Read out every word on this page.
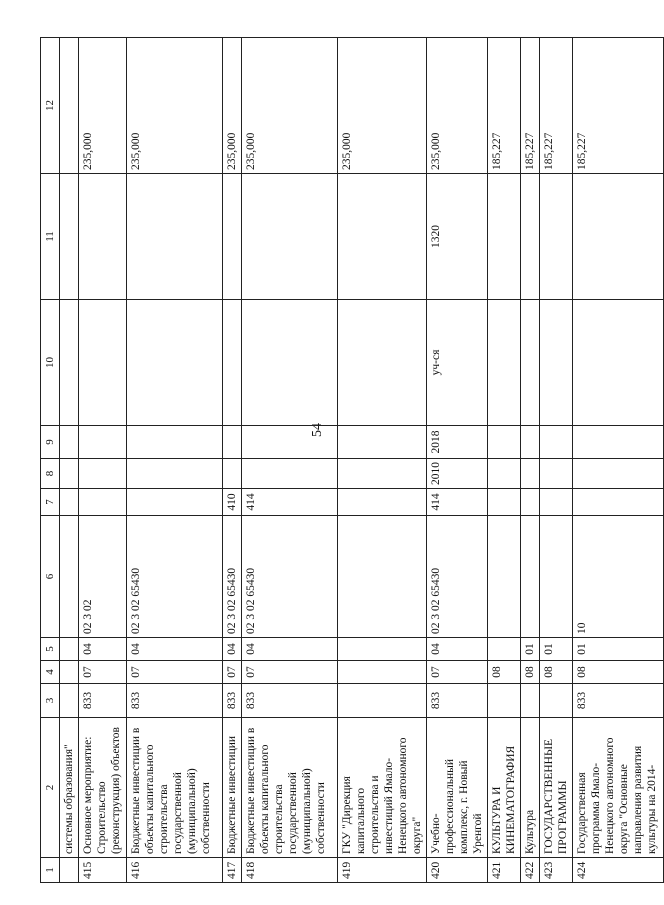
54
1	2	3	4	5	6	7	8	9	10	11	12
	системы образования"										
415	Основное мероприятие: Строительство (реконструкция) объектов	833	07	04	02 3 02						235,000

416	Бюджетные инвестиции в объекты капитального строительства государственной (муниципальной) собственности	833	07	04	02 3 02 65430						235,000

417	Бюджетные инвестиции	833	07	04	02 3 02 65430	410					235,000

418	Бюджетные инвестиции в объекты капитального строительства государственной (муниципальной) собственности	833	07	04	02 3 02 65430	414					235,000

419	ГКУ "Дирекция капитального строительства и инвестиций Ямало-Ненецкого автономного округа"										235,000

420	Учебно-профессиональный комплекс, г. Новый Уренгой	833	07	04	02 3 02 65430	414	2010	2018	уч-ся	1320	235,000

421	КУЛЬТУРА И КИНЕМАТОГРАФИЯ		08								185,227

422	Культура		08	01							185,227

423	ГОСУДАРСТВЕННЫЕ ПРОГРАММЫ		08	01							185,227

424	Государственная программа Ямало-Ненецкого автономного округа "Основные направления развития культуры на 2014-	833	08	01	10						185,227
